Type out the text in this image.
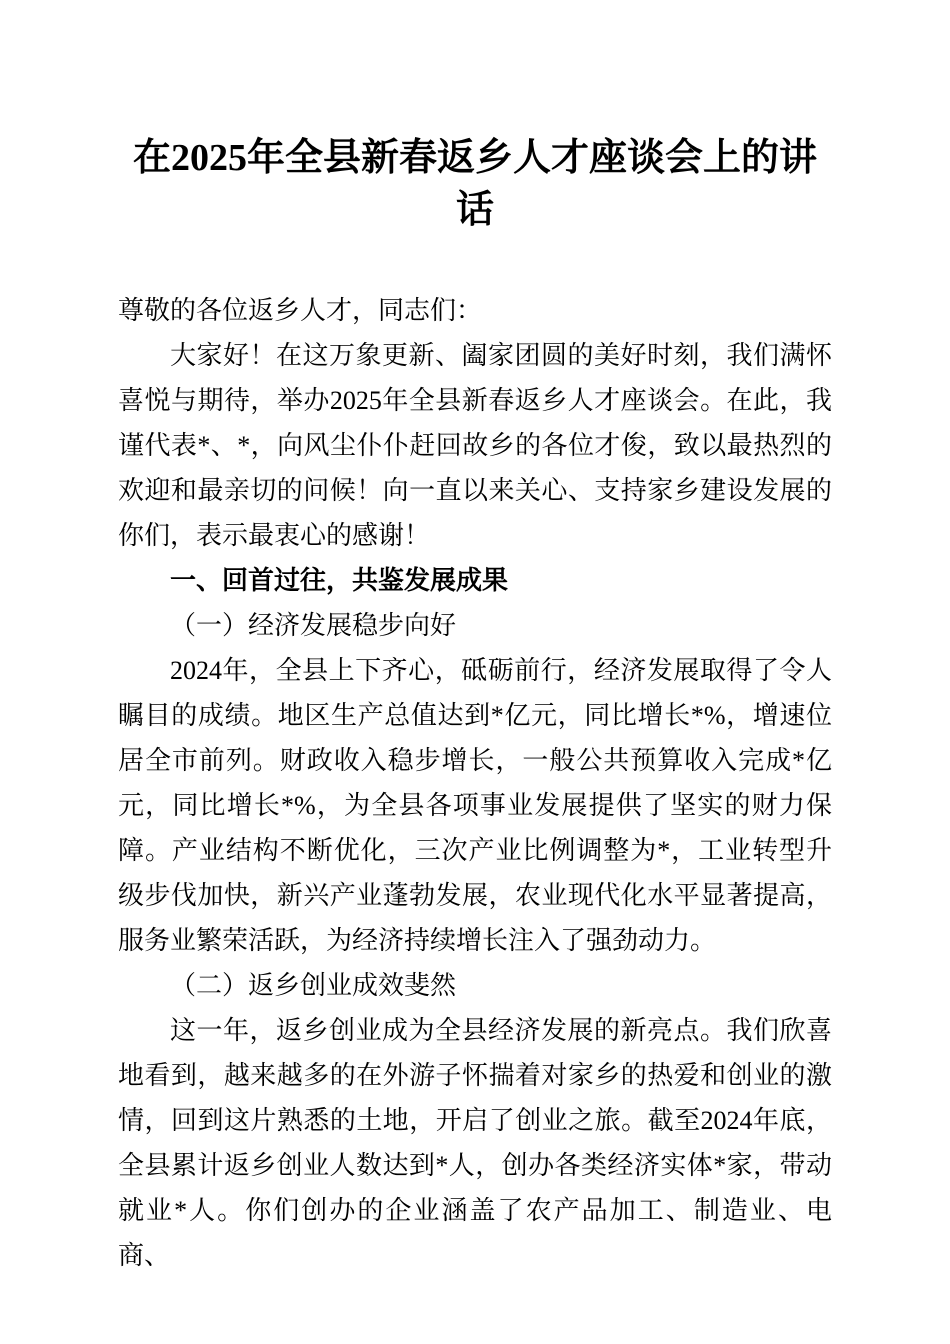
在2025年全县新春返乡人才座谈会上的讲话

尊敬的各位返乡人才，同志们：

大家好！在这万象更新、阖家团圆的美好时刻，我们满怀喜悦与期待，举办2025年全县新春返乡人才座谈会。在此，我谨代表*、*，向风尘仆仆赶回故乡的各位才俊，致以最热烈的欢迎和最亲切的问候！向一直以来关心、支持家乡建设发展的你们，表示最衷心的感谢！

一、回首过往，共鉴发展成果

（一）经济发展稳步向好

2024年，全县上下齐心，砥砺前行，经济发展取得了令人瞩目的成绩。地区生产总值达到*亿元，同比增长*%，增速位居全市前列。财政收入稳步增长，一般公共预算收入完成*亿元，同比增长*%，为全县各项事业发展提供了坚实的财力保障。产业结构不断优化，三次产业比例调整为*，工业转型升级步伐加快，新兴产业蓬勃发展，农业现代化水平显著提高，服务业繁荣活跃，为经济持续增长注入了强劲动力。

（二）返乡创业成效斐然

这一年，返乡创业成为全县经济发展的新亮点。我们欣喜地看到，越来越多的在外游子怀揣着对家乡的热爱和创业的激情，回到这片熟悉的土地，开启了创业之旅。截至2024年底，全县累计返乡创业人数达到*人，创办各类经济实体*家，带动就业*人。你们创办的企业涵盖了农产品加工、制造业、电商、
